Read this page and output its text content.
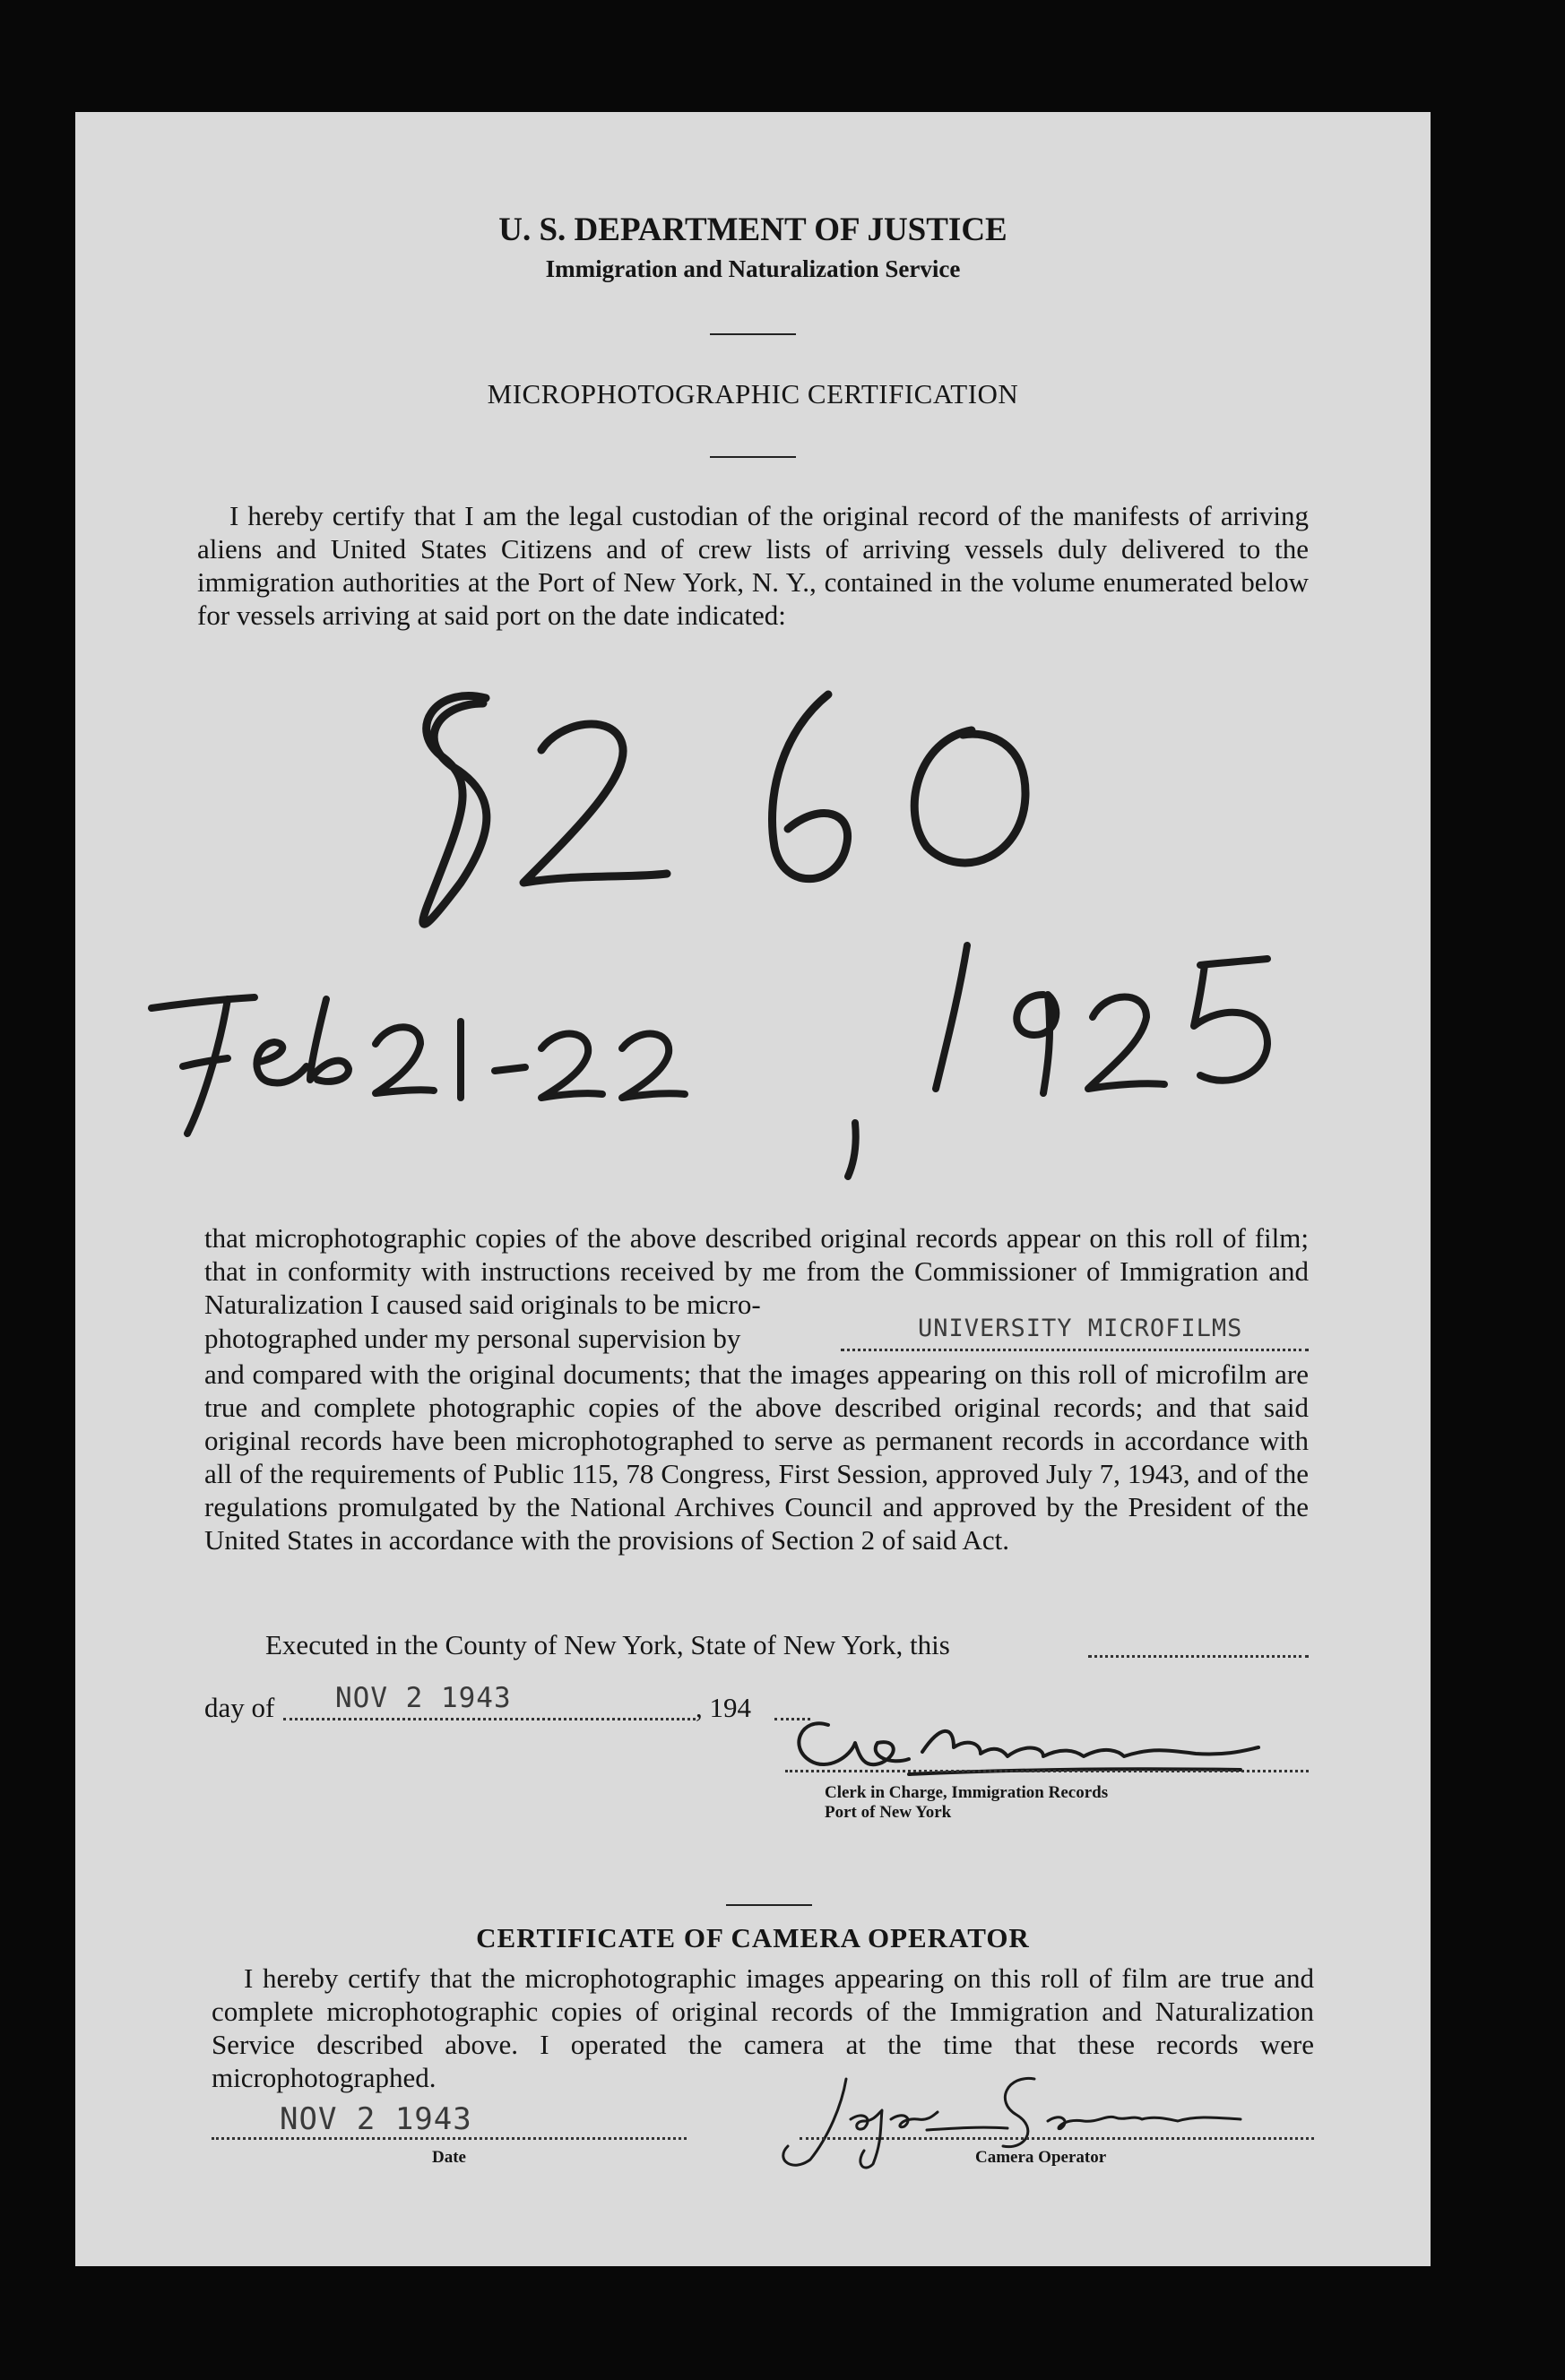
U. S. DEPARTMENT OF JUSTICE
Immigration and Naturalization Service
MICROPHOTOGRAPHIC CERTIFICATION
I hereby certify that I am the legal custodian of the original record of the manifests of arriving aliens and United States Citizens and of crew lists of arriving vessels duly delivered to the immigration authorities at the Port of New York, N. Y., contained in the volume enumerated below for vessels arriving at said port on the date indicated:
that microphotographic copies of the above described original records appear on this roll of film; that in conformity with instructions received by me from the Commissioner of Immigration and Naturalization I caused said originals to be micro-
photographed under my personal supervision by	UNIVERSITY MICROFILMS
and compared with the original documents; that the images appearing on this roll of microfilm are true and complete photographic copies of the above described original records; and that said original records have been microphotographed to serve as permanent records in accordance with all of the requirements of Public 115, 78 Congress, First Session, approved July 7, 1943, and of the regulations promulgated by the National Archives Council and approved by the President of the United States in accordance with the provisions of Section 2 of said Act.
Executed in the County of New York, State of New York, this
day of NOV 2 1943	, 194
Clerk in Charge, Immigration Records
Port of New York
CERTIFICATE OF CAMERA OPERATOR
I hereby certify that the microphotographic images appearing on this roll of film are true and complete microphotographic copies of original records of the Immigration and Naturalization Service described above. I operated the camera at the time that these records were microphotographed.
NOV 2 1943
Date	Camera Operator
